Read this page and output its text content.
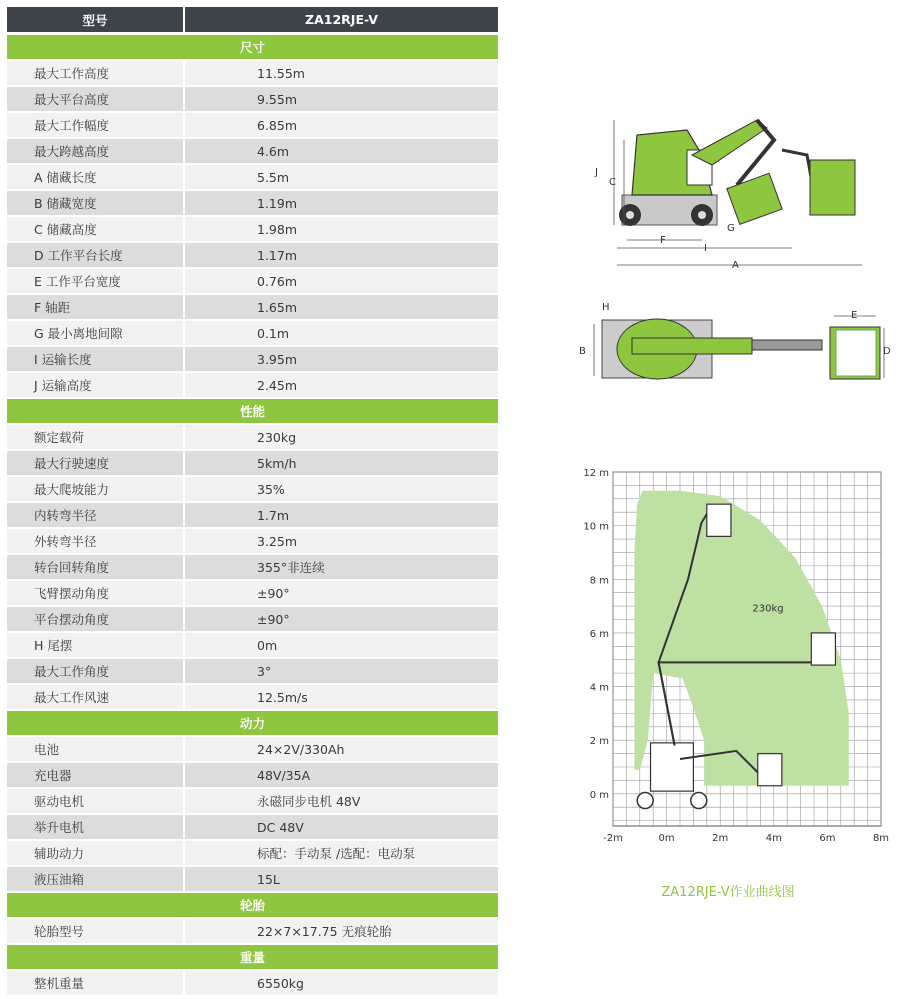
型号	ZA12RJE-V
尺寸
最大工作高度	11.55m
最大平台高度	9.55m
最大工作幅度	6.85m
最大跨越高度	4.6m
A 储藏长度	5.5m
B 储藏宽度	1.19m
C 储藏高度	1.98m
D 工作平台长度	1.17m
E 工作平台宽度	0.76m
F 轴距	1.65m
G 最小离地间隙	0.1m
I 运输长度	3.95m
J 运输高度	2.45m
性能
额定载荷	230kg
最大行驶速度	5km/h
最大爬坡能力	35%
内转弯半径	1.7m
外转弯半径	3.25m
转台回转角度	355°非连续
飞臂摆动角度	±90°
平台摆动角度	±90°
H 尾摆	0m
最大工作角度	3°
最大工作风速	12.5m/s
动力
电池	24×2V/330Ah
充电器	48V/35A
驱动电机	永磁同步电机 48V
举升电机	DC 48V
辅助动力	标配：手动泵 /选配：电动泵
液压油箱	15L
轮胎
轮胎型号	22×7×17.75 无痕轮胎
重量
整机重量	6550kg
J
C
F
I
G
A
H
B
E
D
-2m	0m	2m	4m	6m	8m
12 m
10 m
8 m
6 m
4 m
2 m
0 m
230kg
ZA12RJE-V作业曲线图
